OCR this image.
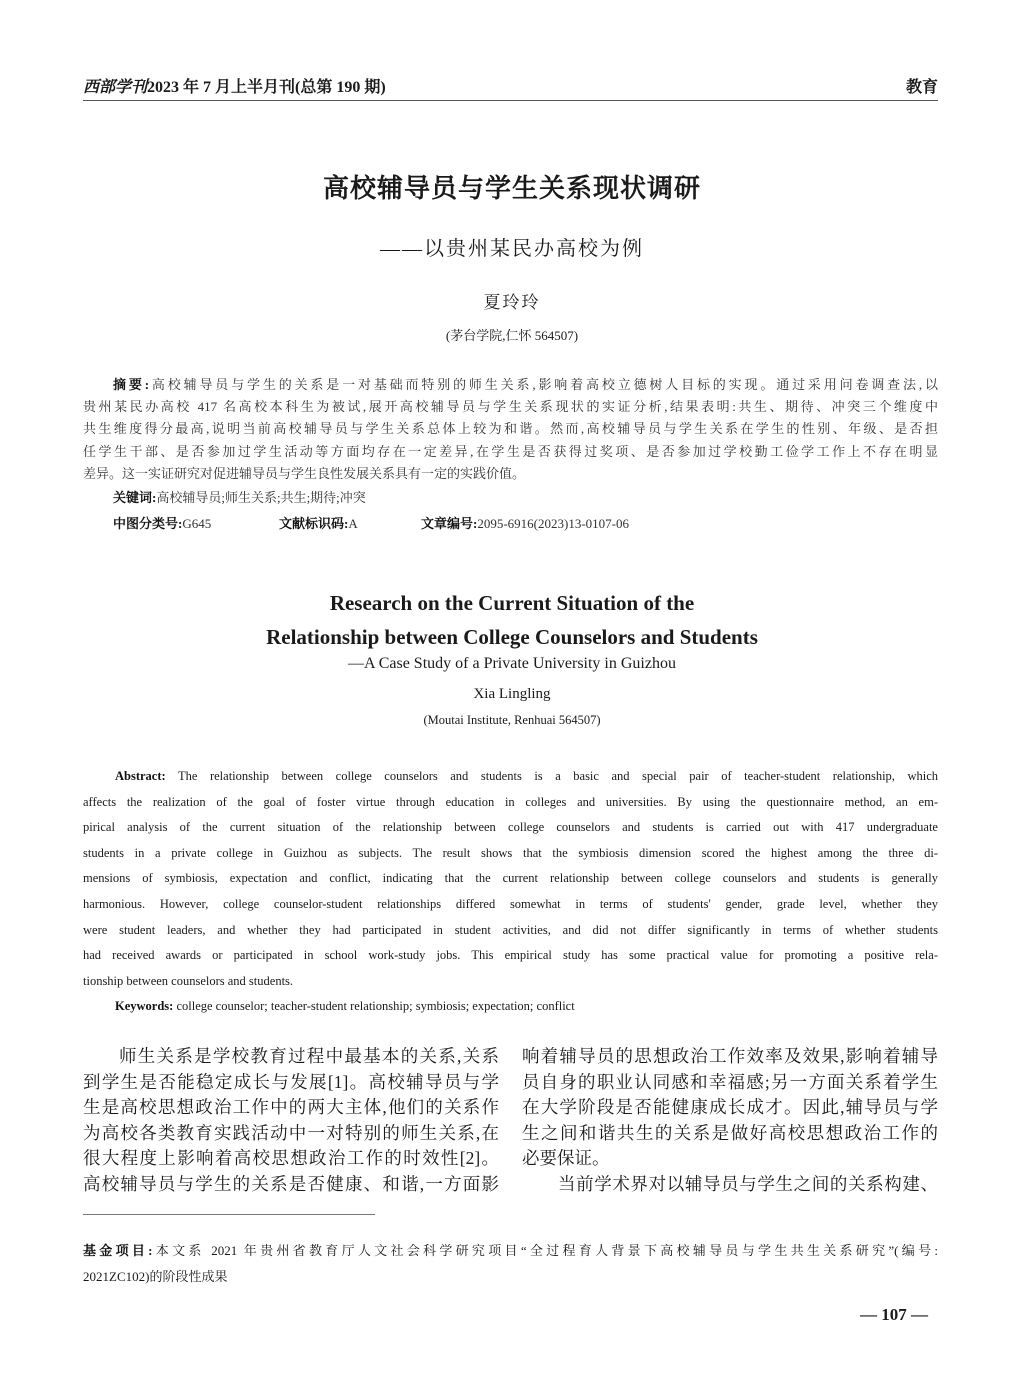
西部学刊2023 年 7 月上半月刊(总第 190 期)	教育
高校辅导员与学生关系现状调研
——以贵州某民办高校为例
夏玲玲
(茅台学院,仁怀 564507)
摘要:高校辅导员与学生的关系是一对基础而特别的师生关系,影响着高校立德树人目标的实现。通过采用问卷调查法,以
贵州某民办高校 417 名高校本科生为被试,展开高校辅导员与学生关系现状的实证分析,结果表明:共生、期待、冲突三个维度中
共生维度得分最高,说明当前高校辅导员与学生关系总体上较为和谐。然而,高校辅导员与学生关系在学生的性别、年级、是否担
任学生干部、是否参加过学生活动等方面均存在一定差异,在学生是否获得过奖项、是否参加过学校勤工俭学工作上不存在明显
差异。这一实证研究对促进辅导员与学生良性发展关系具有一定的实践价值。
关键词:高校辅导员;师生关系;共生;期待;冲突
中图分类号:G645	文献标识码:A	文章编号:2095-6916(2023)13-0107-06
Research on the Current Situation of the
Relationship between College Counselors and Students
—A Case Study of a Private University in Guizhou
Xia Lingling
(Moutai Institute, Renhuai 564507)
Abstract: The relationship between college counselors and students is a basic and special pair of teacher-student relationship, which
affects the realization of the goal of foster virtue through education in colleges and universities. By using the questionnaire method, an em-
pirical analysis of the current situation of the relationship between college counselors and students is carried out with 417 undergraduate
students in a private college in Guizhou as subjects. The result shows that the symbiosis dimension scored the highest among the three di-
mensions of symbiosis, expectation and conflict, indicating that the current relationship between college counselors and students is generally
harmonious. However, college counselor-student relationships differed somewhat in terms of students' gender, grade level, whether they
were student leaders, and whether they had participated in student activities, and did not differ significantly in terms of whether students
had received awards or participated in school work-study jobs. This empirical study has some practical value for promoting a positive rela-
tionship between counselors and students.
Keywords: college counselor; teacher-student relationship; symbiosis; expectation; conflict
师生关系是学校教育过程中最基本的关系,关系
到学生是否能稳定成长与发展[1]。高校辅导员与学
生是高校思想政治工作中的两大主体,他们的关系作
为高校各类教育实践活动中一对特别的师生关系,在
很大程度上影响着高校思想政治工作的时效性[2]。
高校辅导员与学生的关系是否健康、和谐,一方面影
响着辅导员的思想政治工作效率及效果,影响着辅导
员自身的职业认同感和幸福感;另一方面关系着学生
在大学阶段是否能健康成长成才。因此,辅导员与学
生之间和谐共生的关系是做好高校思想政治工作的
必要保证。
当前学术界对以辅导员与学生之间的关系构建、
基金项目:本文系 2021 年贵州省教育厅人文社会科学研究项目“全过程育人背景下高校辅导员与学生共生关系研究”(编号:
2021ZC102)的阶段性成果
— 107 —
